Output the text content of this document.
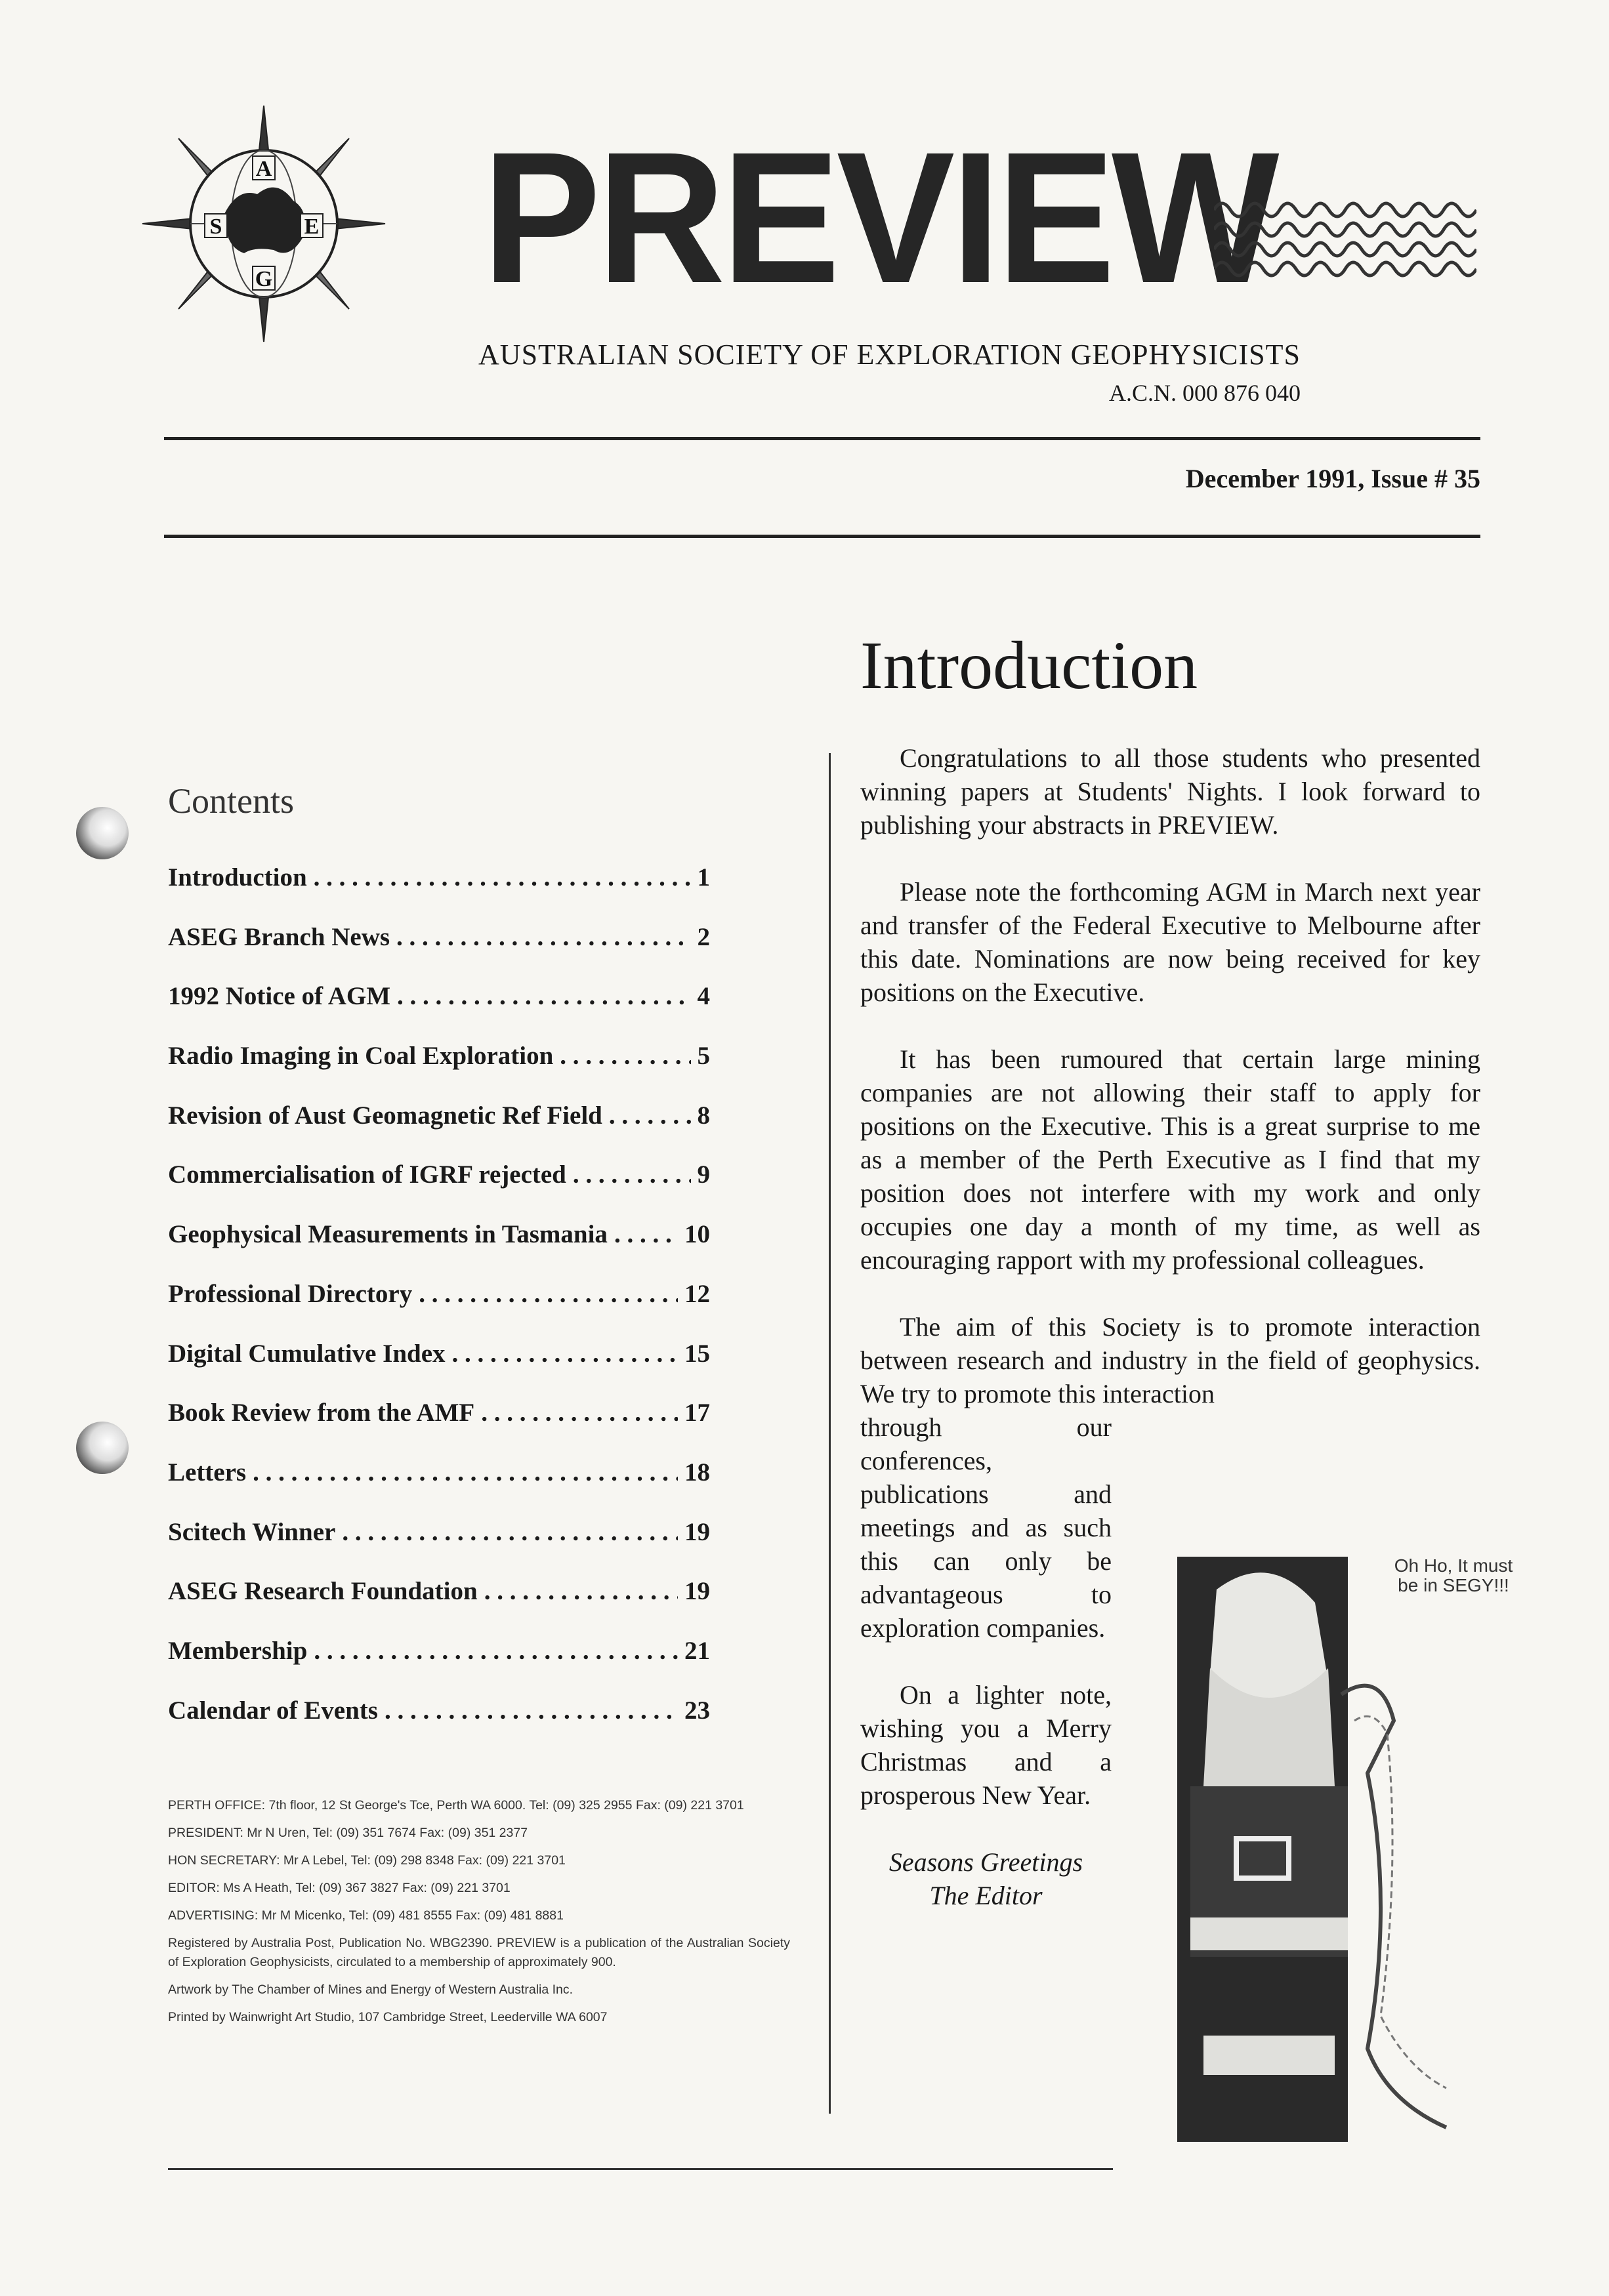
A
S	E
G PREVIEW
AUSTRALIAN SOCIETY OF EXPLORATION GEOPHYSICISTS
A.C.N. 000 876 040
December 1991, Issue # 35
Contents
Introduction . . .	1
ASEG Branch News . . .	2
1992 Notice of AGM . . .	4
Radio Imaging in Coal Exploration . . .	5
Revision of Aust Geomagnetic Ref Field . . .	8
Commercialisation of IGRF rejected . . .	9
Geophysical Measurements in Tasmania . . .	10
Professional Directory . . .	12
Digital Cumulative Index . . .	15
Book Review from the AMF . . .	17
Letters . . .	18
Scitech Winner . . .	19
ASEG Research Foundation . . .	19
Membership . . .	21
Calendar of Events . . .	23

PERTH OFFICE: 7th floor, 12 St George's Tce, Perth WA 6000. Tel: (09) 325 2955 Fax: (09) 221 3701

PRESIDENT: Mr N Uren, Tel: (09) 351 7674 Fax: (09) 351 2377

HON SECRETARY: Mr A Lebel, Tel: (09) 298 8348 Fax: (09) 221 3701

EDITOR: Ms A Heath, Tel: (09) 367 3827 Fax: (09) 221 3701

ADVERTISING: Mr M Micenko, Tel: (09) 481 8555 Fax: (09) 481 8881

Registered by Australia Post, Publication No. WBG2390. PREVIEW is a publication of the Australian Society of Exploration Geophysicists, circulated to a membership of approximately 900.

Artwork by The Chamber of Mines and Energy of Western Australia Inc.

Printed by Wainwright Art Studio, 107 Cambridge Street, Leederville WA 6007

Introduction

Congratulations to all those students who presented winning papers at Students' Nights. I look forward to publishing your abstracts in PREVIEW.

Please note the forthcoming AGM in March next year and transfer of the Federal Executive to Melbourne after this date. Nominations are now being received for key positions on the Executive.

It has been rumoured that certain large mining companies are not allowing their staff to apply for positions on the Executive. This is a great surprise to me as a member of the Perth Executive as I find that my position does not interfere with my work and only occupies one day a month of my time, as well as encouraging rapport with my professional colleagues.

The aim of this Society is to promote interaction between research and industry in the field of geophysics. We try to promote this interaction

through our conferences, publications and meetings and as such this can only be advantageous to exploration companies.

On a lighter note, wishing you a Merry Christmas and a prosperous New Year.

Seasons Greetings
The Editor
Oh Ho, It must be in SEGY!!!
